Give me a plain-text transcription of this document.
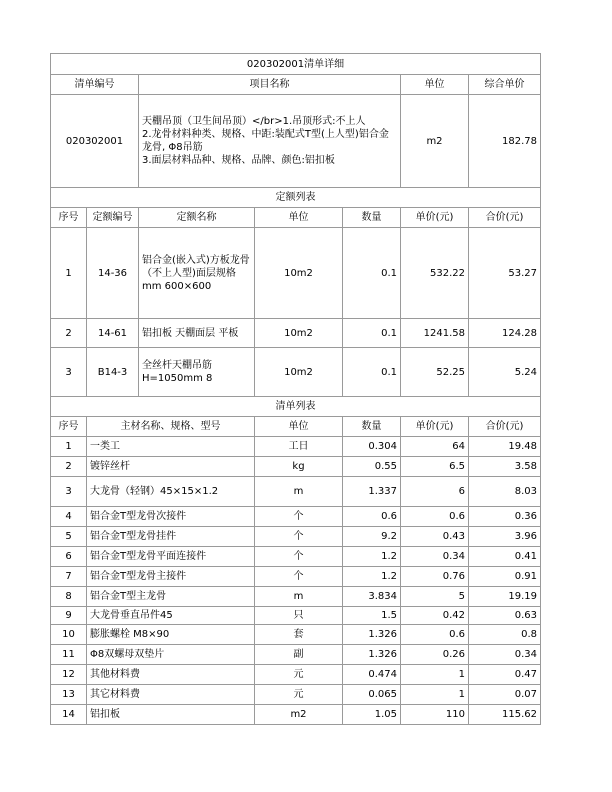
020302001清单详细						
清单编号		项目名称			单位	综合单价
020302001		天棚吊顶（卫生间吊顶）</br>1.吊顶形式:不上人
2.龙骨材料种类、规格、中距:装配式T型(上人型)铝合金龙骨, Φ8吊筋
3.面层材料品种、规格、品牌、颜色:铝扣板			m2	182.78
定额列表						
序号	定额编号	定额名称	单位	数量	单价(元)	合价(元)
1	14-36	铝合金(嵌入式)方板龙骨（不上人型)面层规格mm 600×600	10m2	0.1	532.22	53.27
2	14-61	铝扣板 天棚面层 平板	10m2	0.1	1241.58	124.28
3	B14-3	全丝杆天棚吊筋 H=1050mm 8	10m2	0.1	52.25	5.24
清单列表						
序号	主材名称、规格、型号		单位	数量	单价(元)	合价(元)
1	一类工		工日	0.304	64	19.48
2	镀锌丝杆		kg	0.55	6.5	3.58
3	大龙骨（轻钢）45×15×1.2		m	1.337	6	8.03
4	铝合金T型龙骨次接件		个	0.6	0.6	0.36
5	铝合金T型龙骨挂件		个	9.2	0.43	3.96
6	铝合金T型龙骨平面连接件		个	1.2	0.34	0.41
7	铝合金T型龙骨主接件		个	1.2	0.76	0.91
8	铝合金T型主龙骨		m	3.834	5	19.19
9	大龙骨垂直吊件45		只	1.5	0.42	0.63
10	膨胀螺栓 M8×90		套	1.326	0.6	0.8
11	Φ8双螺母双垫片		副	1.326	0.26	0.34
12	其他材料费		元	0.474	1	0.47
13	其它材料费		元	0.065	1	0.07
14	铝扣板		m2	1.05	110	115.62
